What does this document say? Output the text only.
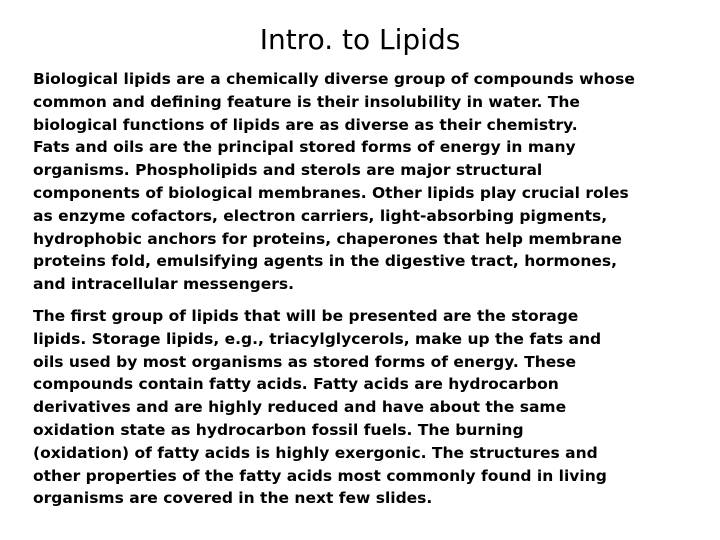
Intro. to Lipids

Biological lipids are a chemically diverse group of compounds whose
common and defining feature is their insolubility in water. The
biological functions of lipids are as diverse as their chemistry.
Fats and oils are the principal stored forms of energy in many
organisms. Phospholipids and sterols are major structural
components of biological membranes. Other lipids play crucial roles
as enzyme cofactors, electron carriers, light-absorbing pigments,
hydrophobic anchors for proteins, chaperones that help membrane
proteins fold, emulsifying agents in the digestive tract, hormones,
and intracellular messengers.

The first group of lipids that will be presented are the storage
lipids. Storage lipids, e.g., triacylglycerols, make up the fats and
oils used by most organisms as stored forms of energy. These
compounds contain fatty acids. Fatty acids are hydrocarbon
derivatives and are highly reduced and have about the same
oxidation state as hydrocarbon fossil fuels. The burning
(oxidation) of fatty acids is highly exergonic. The structures and
other properties of the fatty acids most commonly found in living
organisms are covered in the next few slides.
